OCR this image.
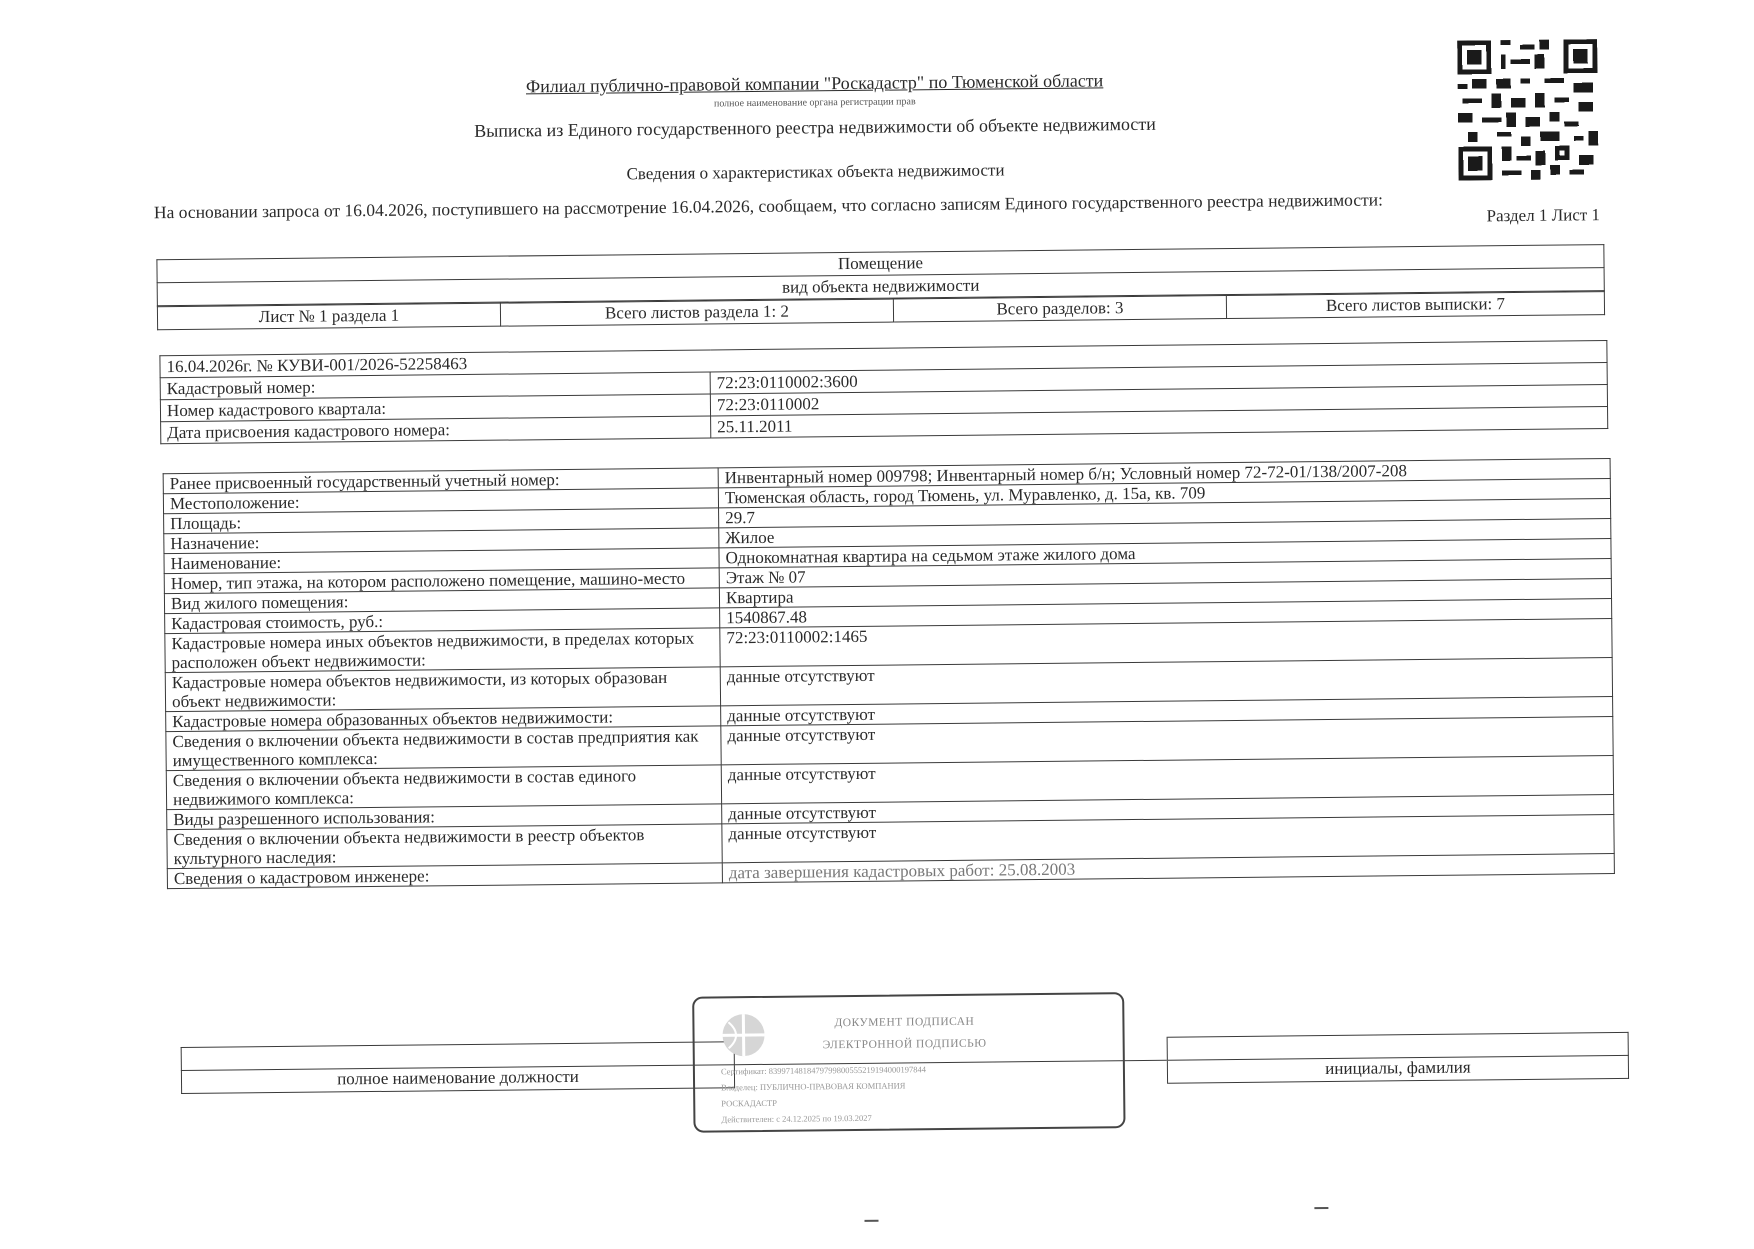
Филиал публично-правовой компании "Роскадастр" по Тюменской области
полное наименование органа регистрации прав
Выписка из Единого государственного реестра недвижимости об объекте недвижимости
Сведения о характеристиках объекта недвижимости
На основании запроса от 16.04.2026, поступившего на рассмотрение 16.04.2026, сообщаем, что согласно записям Единого государственного реестра недвижимости:	Раздел 1 Лист 1
Помещение
вид объекта недвижимости
Лист № 1 раздела 1	Всего листов раздела 1: 2	Всего разделов: 3	Всего листов выписки: 7
16.04.2026г. № КУВИ-001/2026-52258463	
Кадастровый номер:	72:23:0110002:3600
Номер кадастрового квартала:	72:23:0110002
Дата присвоения кадастрового номера:	25.11.2011
Ранее присвоенный государственный учетный номер:	Инвентарный номер 009798; Инвентарный номер б/н; Условный номер 72-72-01/138/2007-208
Местоположение:	Тюменская область, город Тюмень, ул. Муравленко, д. 15а, кв. 709
Площадь:	29.7
Назначение:	Жилое
Наименование:	Однокомнатная квартира на седьмом этаже жилого дома
Номер, тип этажа, на котором расположено помещение, машино-место	Этаж № 07
Вид жилого помещения:	Квартира
Кадастровая стоимость, руб.:	1540867.48
Кадастровые номера иных объектов недвижимости, в пределах которых расположен объект недвижимости:	72:23:0110002:1465
Кадастровые номера объектов недвижимости, из которых образован объект недвижимости:	данные отсутствуют
Кадастровые номера образованных объектов недвижимости:	данные отсутствуют
Сведения о включении объекта недвижимости в состав предприятия как имущественного комплекса:	данные отсутствуют
Сведения о включении объекта недвижимости в состав единого недвижимого комплекса:	данные отсутствуют
Виды разрешенного использования:	данные отсутствуют
Сведения о включении объекта недвижимости в реестр объектов культурного наследия:	данные отсутствуют
Сведения о кадастровом инженере:	дата завершения кадастровых работ: 25.08.2003

полное наименование должности		инициалы, фамилия
ДОКУМЕНТ ПОДПИСАН
ЭЛЕКТРОННОЙ ПОДПИСЬЮ
Сертификат: 8399714818479799800555219194000197844
Владелец: ПУБЛИЧНО-ПРАВОВАЯ КОМПАНИЯ
РОСКАДАСТР
Действителен: с 24.12.2025 по 19.03.2027
